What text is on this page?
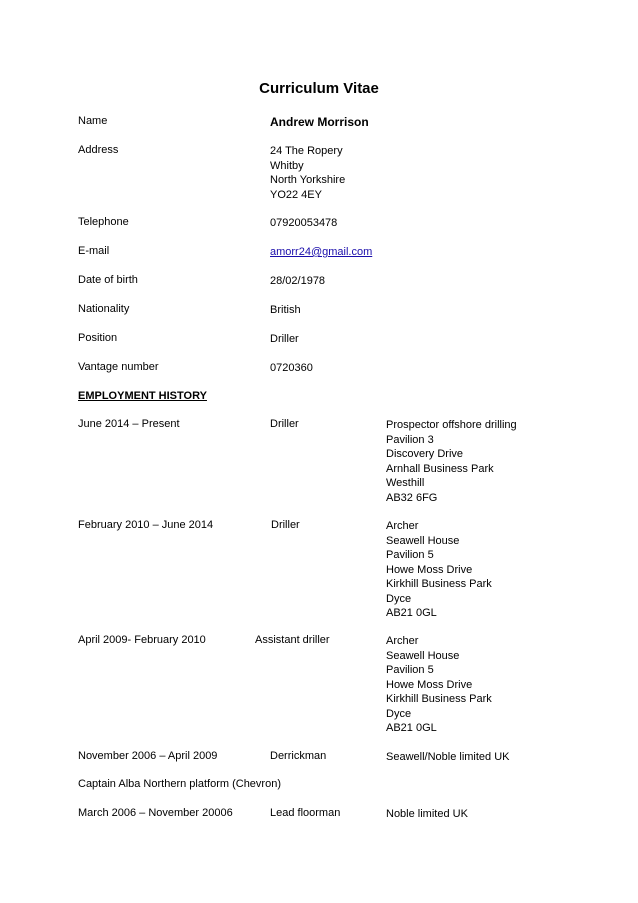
Curriculum Vitae
Name	Andrew Morrison
Address	24 The Ropery
Whitby
North Yorkshire
YO22 4EY
Telephone	07920053478
E-mail	amorr24@gmail.com
Date of birth	28/02/1978
Nationality	British
Position	Driller
Vantage number	0720360
EMPLOYMENT HISTORY
June 2014 – Present	Driller	Prospector offshore drilling
Pavilion 3
Discovery Drive
Arnhall Business Park
Westhill
AB32 6FG
February 2010 – June 2014	Driller	Archer
Seawell House
Pavilion 5
Howe Moss Drive
Kirkhill Business Park
Dyce
AB21 0GL
April 2009- February 2010	Assistant driller	Archer
Seawell House
Pavilion 5
Howe Moss Drive
Kirkhill Business Park
Dyce
AB21 0GL
November 2006 – April 2009	Derrickman	Seawell/Noble limited UK
Captain Alba Northern platform (Chevron)
March 2006 – November 20006	Lead floorman	Noble limited UK
